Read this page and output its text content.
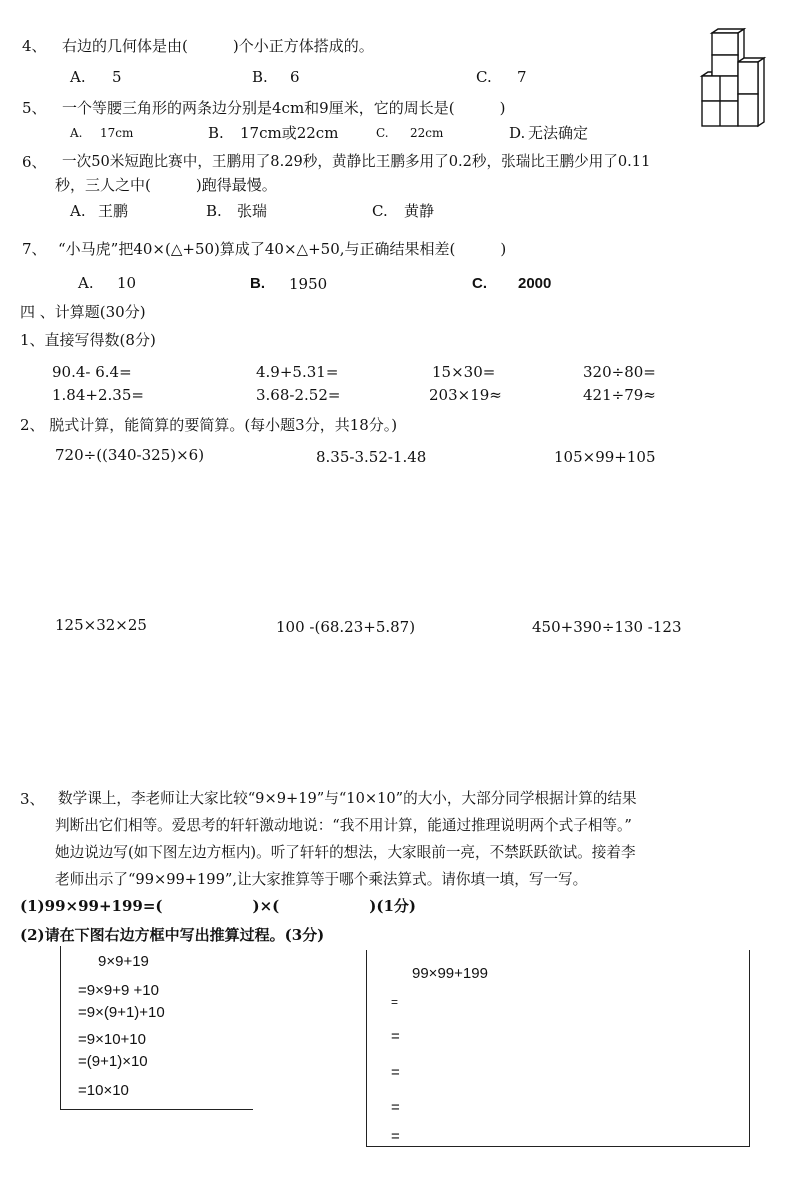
4、 右边的几何体是由(　　　)个小正方体搭成的。
A. 5	B. 6	C. 7
5、 一个等腰三角形的两条边分别是4cm和9厘米，它的周长是(　　　)
A. 17cm	B. 17cm或22cm	C. 22cm	D. 无法确定
6、 一次50米短跑比赛中，王鹏用了8.29秒，黄静比王鹏多用了0.2秒，张瑞比王鹏少用了0.11
秒，三人之中(　　　)跑得最慢。
A. 王鹏	B. 张瑞	C. 黄静
7、 “小马虎”把40×(△+50)算成了40×△+50,与正确结果相差(　　　)
A. 10	B. 1950	C. 2000
四 、计算题(30分)
1、直接写得数(8分)
90.4- 6.4=	4.9+5.31=	15×30=	320÷80=
1.84+2.35=	3.68-2.52=	203×19≈	421÷79≈
2、 脱式计算，能简算的要简算。(每小题3分，共18分。)
720÷((340-325)×6)	8.35-3.52-1.48	105×99+105
125×32×25	100 -(68.23+5.87)	450+390÷130 -123
3、 数学课上，李老师让大家比较“9×9+19”与“10×10”的大小，大部分同学根据计算的结果
判断出它们相等。爱思考的轩轩激动地说：“我不用计算，能通过推理说明两个式子相等。”
她边说边写(如下图左边方框内)。听了轩轩的想法，大家眼前一亮，不禁跃跃欲试。接着李
老师出示了“99×99+199”,让大家推算等于哪个乘法算式。请你填一填，写一写。
(1)99×99+199=(　　　　　　)×(　　　　　　)(1分)
(2)请在下图右边方框中写出推算过程。(3分)
9×9+19
=9×9+9 +10
=9×(9+1)+10
=9×10+10
=(9+1)×10
=10×10
99×99+199
=
=
=
=
=
